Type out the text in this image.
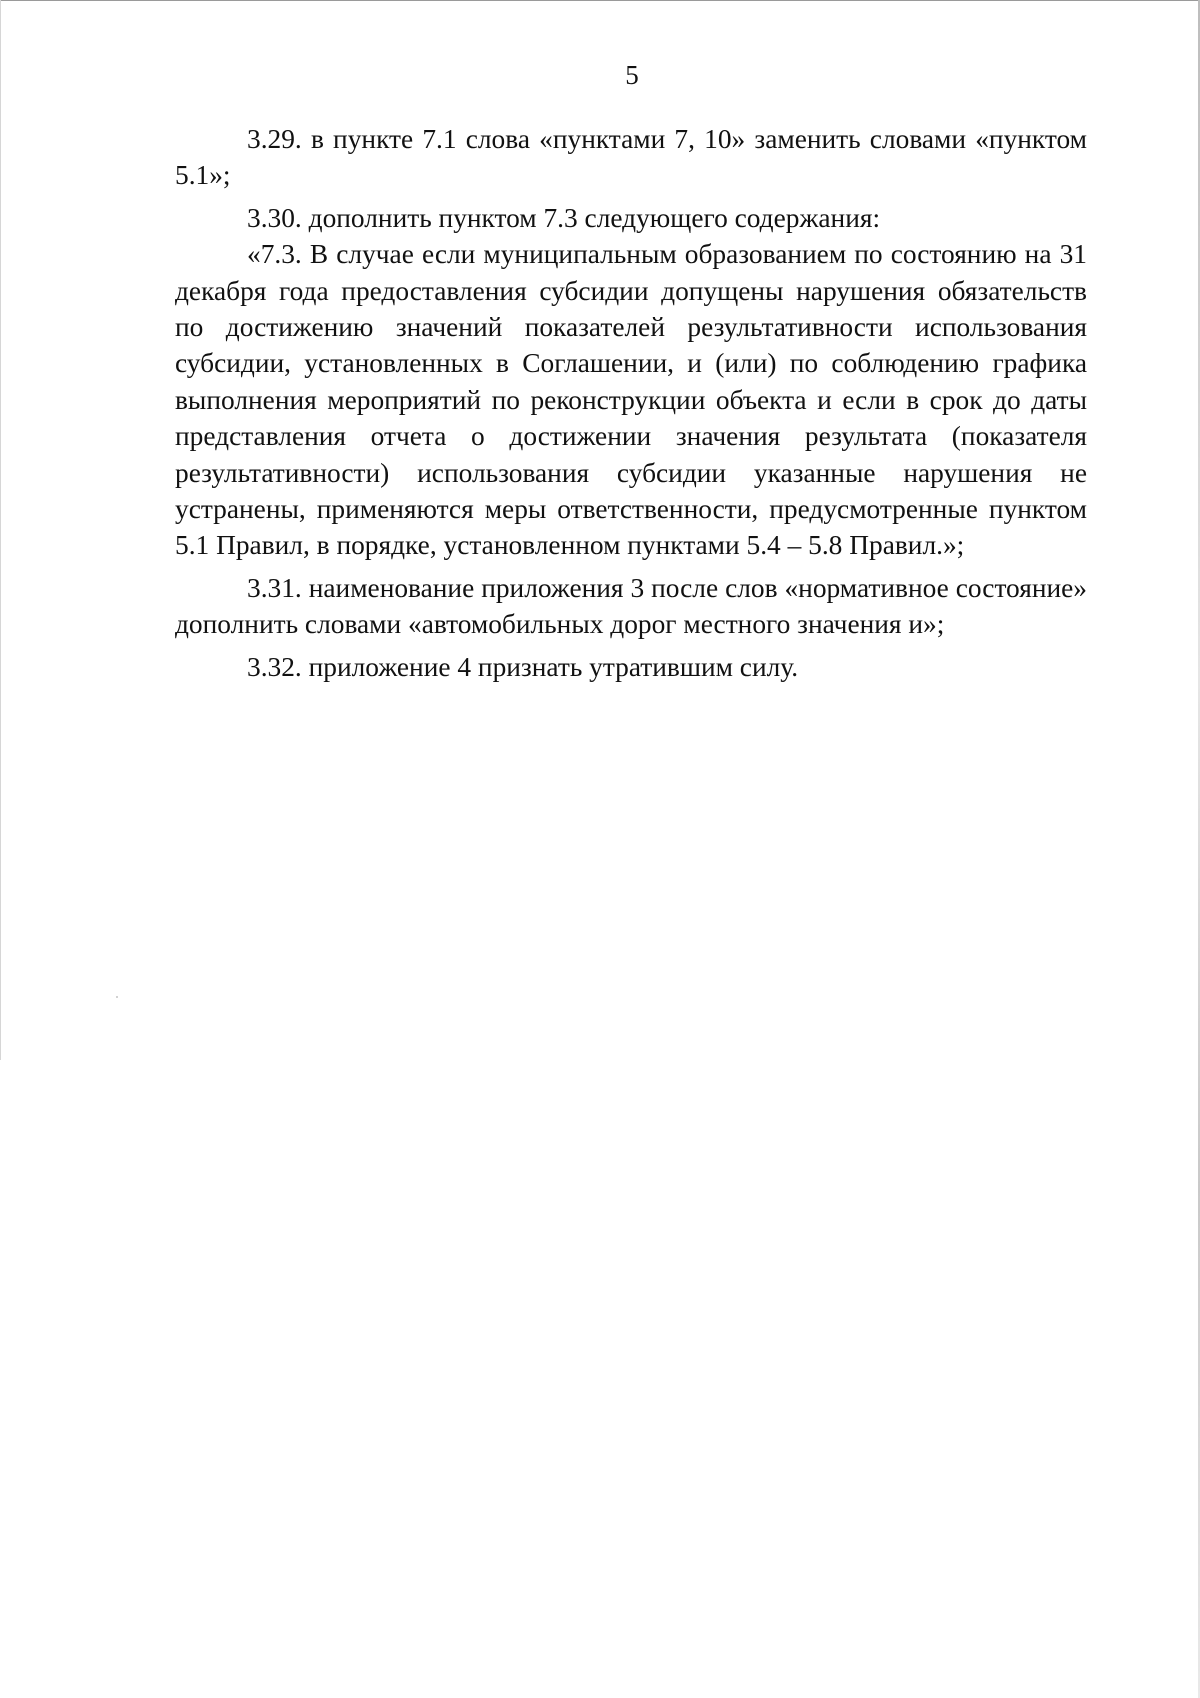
5

3.29. в пункте 7.1 слова «пунктами 7, 10» заменить словами «пунктом 5.1»;

3.30. дополнить пунктом 7.3 следующего содержания:

«7.3. В случае если муниципальным образованием по состоянию на 31 декабря года предоставления субсидии допущены нарушения обязательств по достижению значений показателей результативности использования субсидии, установленных в Соглашении, и (или) по соблюдению графика выполнения мероприятий по реконструкции объекта и если в срок до даты представления отчета о достижении значения результата (показателя результативности) использования субсидии указанные нарушения не устранены, применяются меры ответственности, предусмотренные пунктом 5.1 Правил, в порядке, установленном пунктами 5.4 – 5.8 Правил.»;

3.31. наименование приложения 3 после слов «нормативное состояние» дополнить словами «автомобильных дорог местного значения и»;

3.32. приложение 4 признать утратившим силу.
